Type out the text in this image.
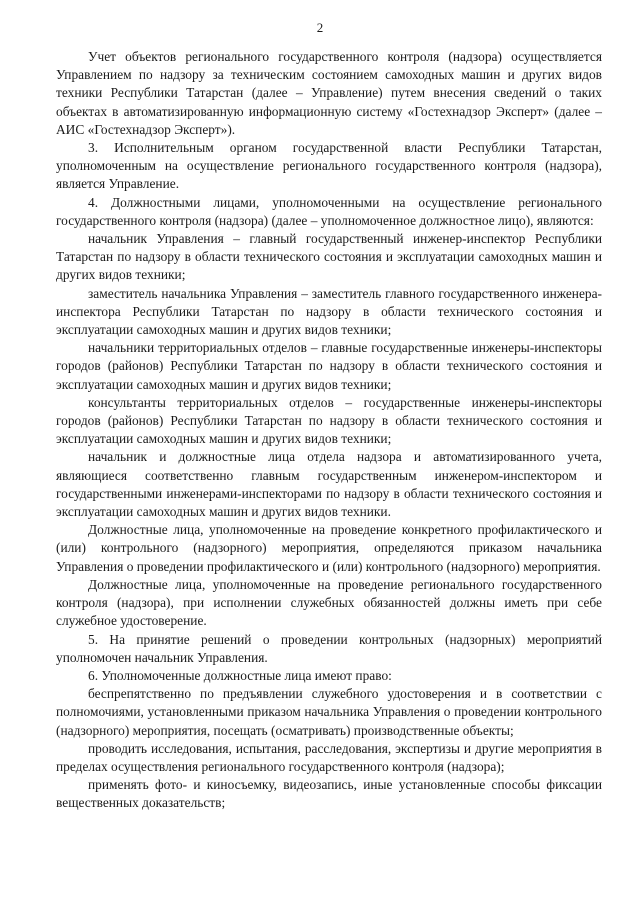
2

Учет объектов регионального государственного контроля (надзора) осуществляется Управлением по надзору за техническим состоянием самоходных машин и других видов техники Республики Татарстан (далее – Управление) путем внесения сведений о таких объектах в автоматизированную информационную систему «Гостехнадзор Эксперт» (далее – АИС «Гостехнадзор Эксперт»).

3. Исполнительным органом государственной власти Республики Татарстан, уполномоченным на осуществление регионального государственного контроля (надзора), является Управление.

4. Должностными лицами, уполномоченными на осуществление регионального государственного контроля (надзора) (далее – уполномоченное должностное лицо), являются:

начальник Управления – главный государственный инженер-инспектор Республики Татарстан по надзору в области технического состояния и эксплуатации самоходных машин и других видов техники;

заместитель начальника Управления – заместитель главного государственного инженера-инспектора Республики Татарстан по надзору в области технического состояния и эксплуатации самоходных машин и других видов техники;

начальники территориальных отделов – главные государственные инженеры-инспекторы городов (районов) Республики Татарстан по надзору в области технического состояния и эксплуатации самоходных машин и других видов техники;

консультанты территориальных отделов – государственные инженеры-инспекторы городов (районов) Республики Татарстан по надзору в области технического состояния и эксплуатации самоходных машин и других видов техники;

начальник и должностные лица отдела надзора и автоматизированного учета, являющиеся соответственно главным государственным инженером-инспектором и государственными инженерами-инспекторами по надзору в области технического состояния и эксплуатации самоходных машин и других видов техники.

Должностные лица, уполномоченные на проведение конкретного профилактического и (или) контрольного (надзорного) мероприятия, определяются приказом начальника Управления о проведении профилактического и (или) контрольного (надзорного) мероприятия.

Должностные лица, уполномоченные на проведение регионального государственного контроля (надзора), при исполнении служебных обязанностей должны иметь при себе служебное удостоверение.

5. На принятие решений о проведении контрольных (надзорных) мероприятий уполномочен начальник Управления.

6. Уполномоченные должностные лица имеют право:

беспрепятственно по предъявлении служебного удостоверения и в соответствии с полномочиями, установленными приказом начальника Управления о проведении контрольного (надзорного) мероприятия, посещать (осматривать) производственные объекты;

проводить исследования, испытания, расследования, экспертизы и другие мероприятия в пределах осуществления регионального государственного контроля (надзора);

применять фото- и киносъемку, видеозапись, иные установленные способы фиксации вещественных доказательств;
